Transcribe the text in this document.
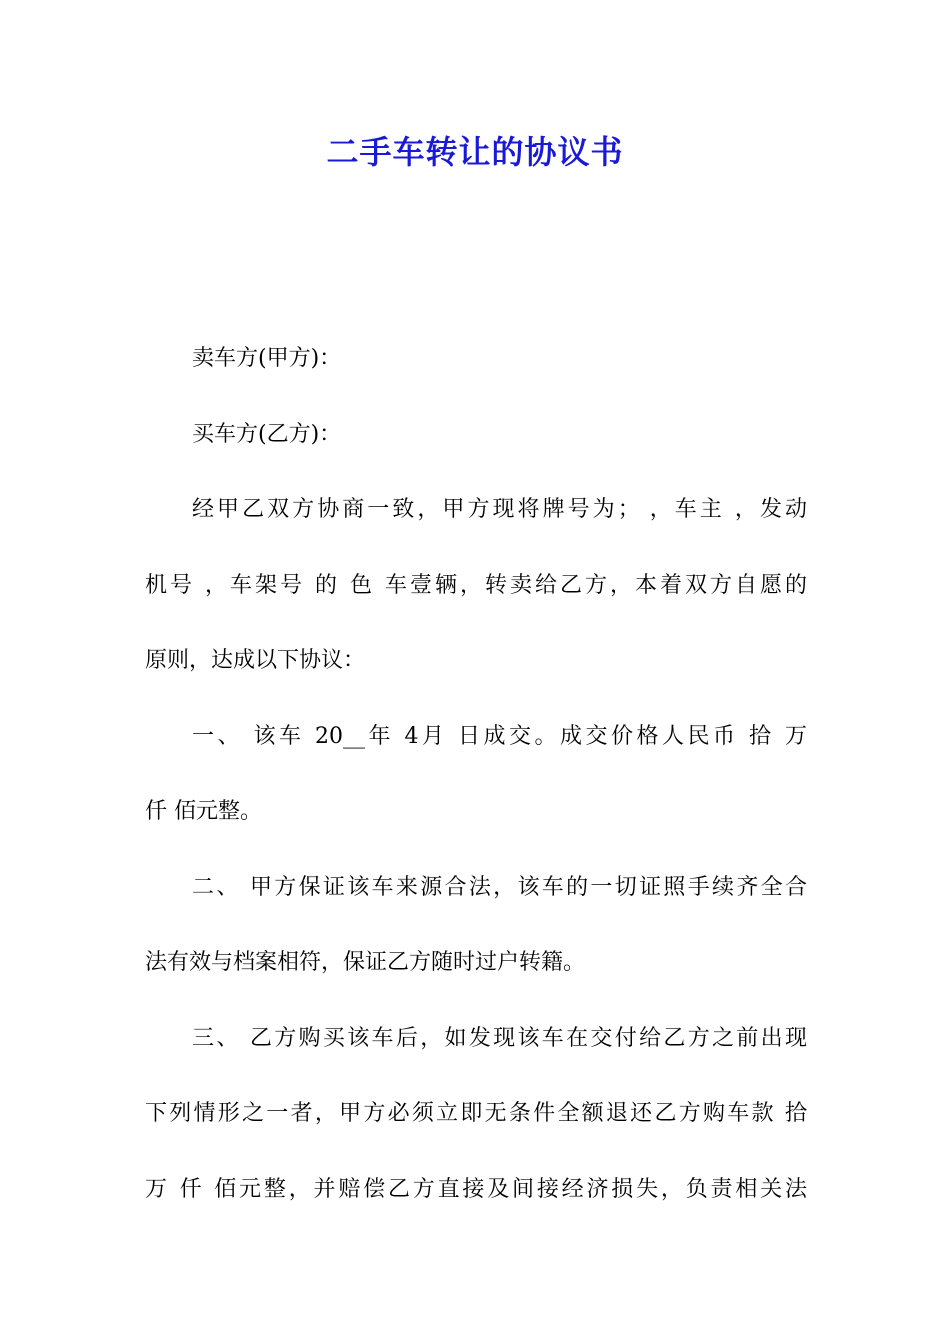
二手车转让的协议书

卖车方(甲方)：

买车方(乙方)：

经甲乙双方协商一致，甲方现将牌号为； ，车主 ，发动

机号 ，车架号 的 色 车壹辆，转卖给乙方，本着双方自愿的

原则，达成以下协议：

一、 该车 20__年 4月 日成交。成交价格人民币 拾 万

仟 佰元整。

二、 甲方保证该车来源合法，该车的一切证照手续齐全合

法有效与档案相符，保证乙方随时过户转籍。

三、 乙方购买该车后，如发现该车在交付给乙方之前出现

下列情形之一者，甲方必须立即无条件全额退还乙方购车款 拾

万 仟 佰元整，并赔偿乙方直接及间接经济损失，负责相关法
